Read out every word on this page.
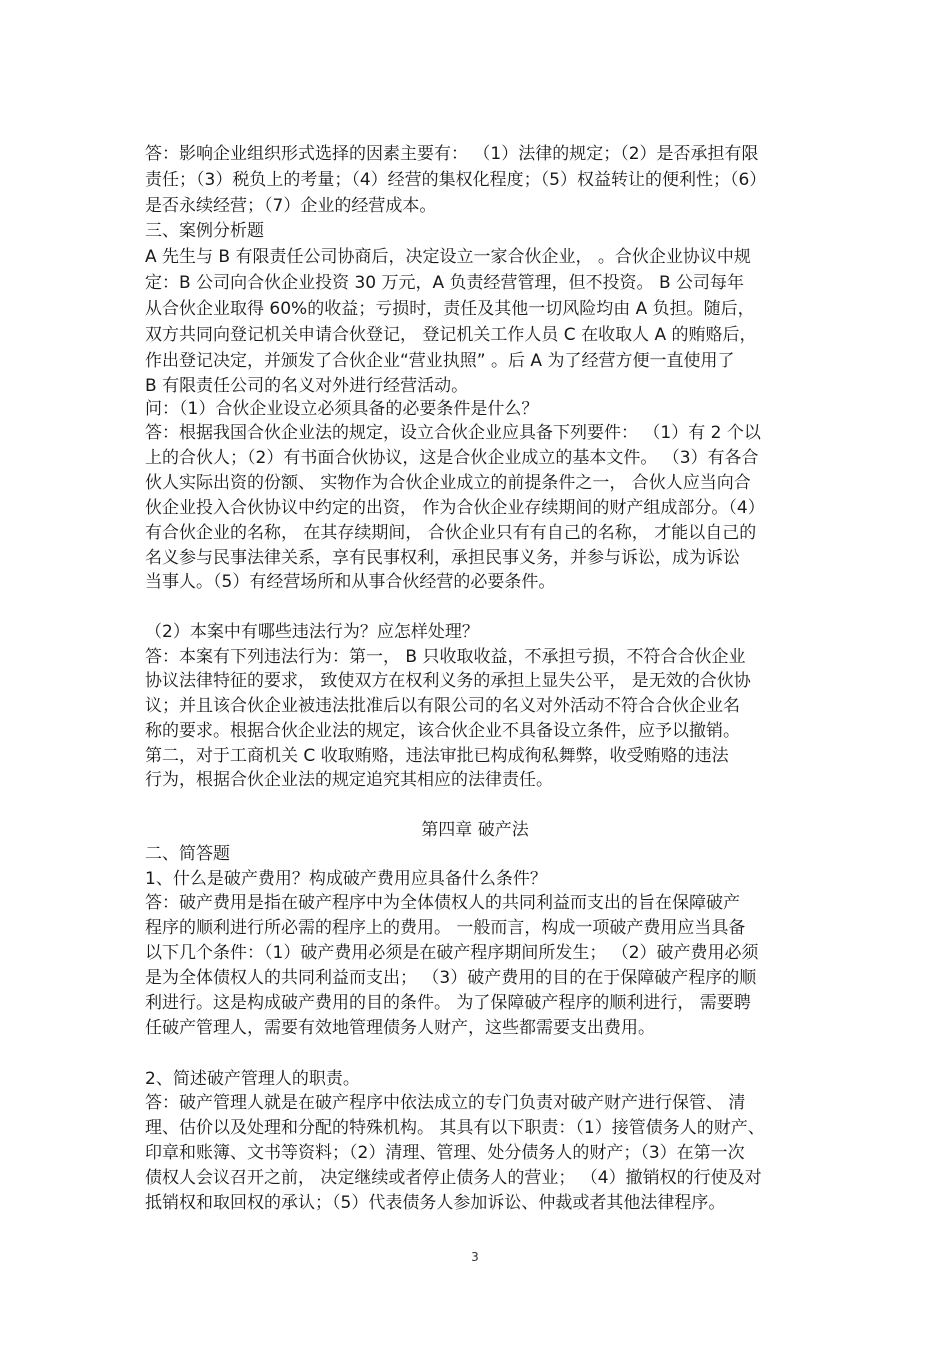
答：影响企业组织形式选择的因素主要有： （1）法律的规定；（2）是否承担有限
责任；（3）税负上的考量；（4）经营的集权化程度；（5）权益转让的便利性；（6）
是否永续经营；（7）企业的经营成本。
三、案例分析题
A 先生与 B 有限责任公司协商后，决定设立一家合伙企业， 。合伙企业协议中规
定：B 公司向合伙企业投资 30 万元，A 负责经营管理，但不投资。 B 公司每年
从合伙企业取得 60%的收益；亏损时，责任及其他一切风险均由 A 负担。随后，
双方共同向登记机关申请合伙登记， 登记机关工作人员 C 在收取人 A 的贿赂后，
作出登记决定，并颁发了合伙企业“营业执照” 。后 A 为了经营方便一直使用了
B 有限责任公司的名义对外进行经营活动。
问：（1）合伙企业设立必须具备的必要条件是什么？
答：根据我国合伙企业法的规定，设立合伙企业应具备下列要件： （1）有 2 个以
上的合伙人；（2）有书面合伙协议，这是合伙企业成立的基本文件。 （3）有各合
伙人实际出资的份额、 实物作为合伙企业成立的前提条件之一， 合伙人应当向合
伙企业投入合伙协议中约定的出资， 作为合伙企业存续期间的财产组成部分。（4）
有合伙企业的名称， 在其存续期间， 合伙企业只有有自己的名称， 才能以自己的
名义参与民事法律关系，享有民事权利，承担民事义务，并参与诉讼，成为诉讼
当事人。（5）有经营场所和从事合伙经营的必要条件。
（2）本案中有哪些违法行为？应怎样处理？
答：本案有下列违法行为：第一， B 只收取收益，不承担亏损，不符合合伙企业
协议法律特征的要求， 致使双方在权利义务的承担上显失公平， 是无效的合伙协
议；并且该合伙企业被违法批准后以有限公司的名义对外活动不符合合伙企业名
称的要求。根据合伙企业法的规定，该合伙企业不具备设立条件，应予以撤销。
第二，对于工商机关 C 收取贿赂，违法审批已构成徇私舞弊，收受贿赂的违法
行为，根据合伙企业法的规定追究其相应的法律责任。
第四章 破产法
二、简答题
1、什么是破产费用？构成破产费用应具备什么条件？
答：破产费用是指在破产程序中为全体债权人的共同利益而支出的旨在保障破产
程序的顺利进行所必需的程序上的费用。 一般而言，构成一项破产费用应当具备
以下几个条件：（1）破产费用必须是在破产程序期间所发生； （2）破产费用必须
是为全体债权人的共同利益而支出； （3）破产费用的目的在于保障破产程序的顺
利进行。这是构成破产费用的目的条件。 为了保障破产程序的顺利进行， 需要聘
任破产管理人，需要有效地管理债务人财产，这些都需要支出费用。
2、简述破产管理人的职责。
答：破产管理人就是在破产程序中依法成立的专门负责对破产财产进行保管、 清
理、估价以及处理和分配的特殊机构。 其具有以下职责：（1）接管债务人的财产、
印章和账簿、文书等资料；（2）清理、管理、处分债务人的财产；（3）在第一次
债权人会议召开之前， 决定继续或者停止债务人的营业； （4）撤销权的行使及对
抵销权和取回权的承认；（5）代表债务人参加诉讼、仲裁或者其他法律程序。
3
